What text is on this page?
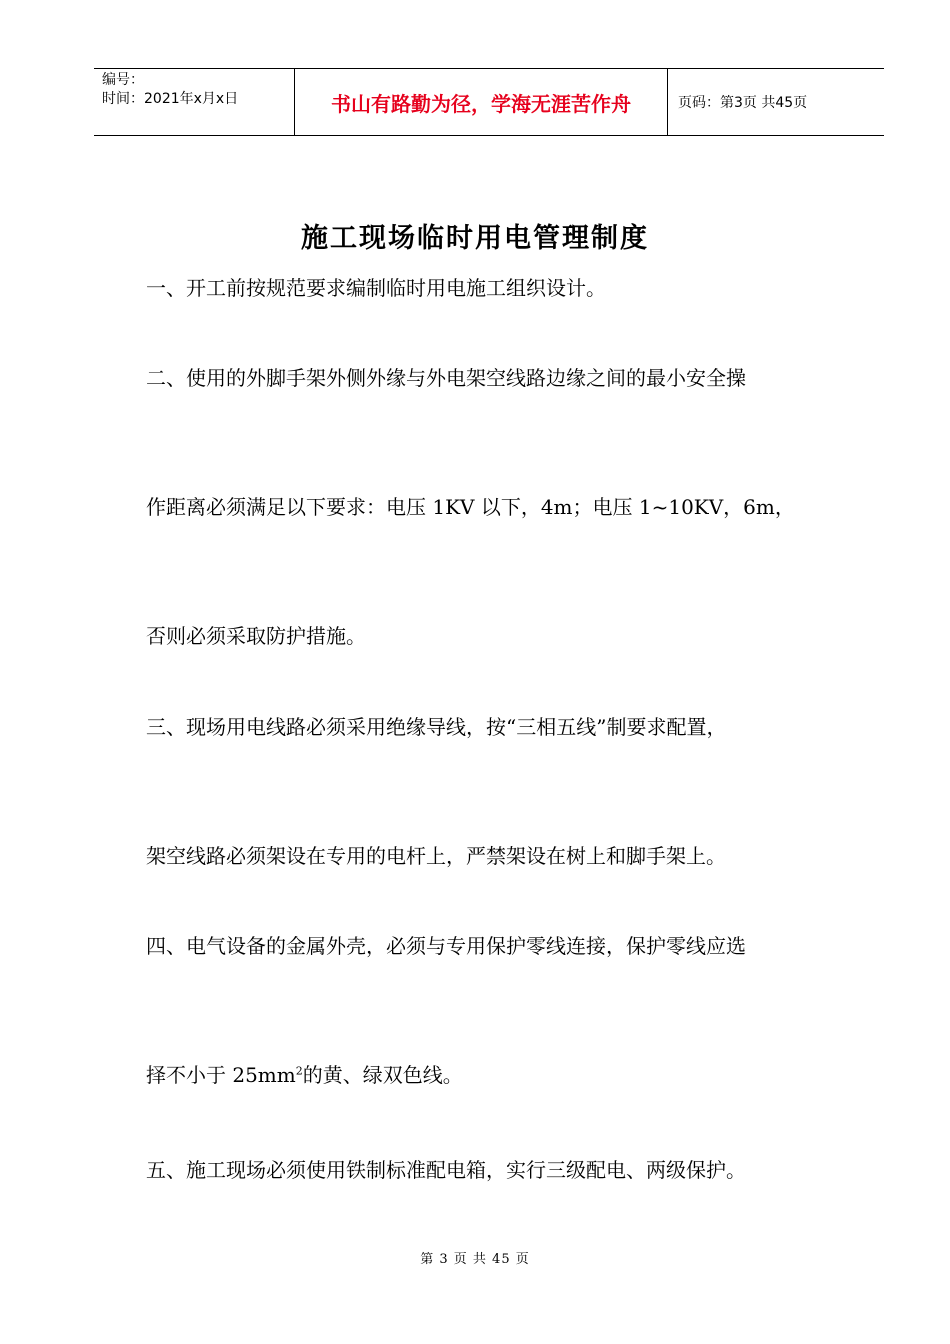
编号：
时间：2021年x月x日	书山有路勤为径，学海无涯苦作舟	页码：第3页 共45页
施工现场临时用电管理制度
一、开工前按规范要求编制临时用电施工组织设计。
二、使用的外脚手架外侧外缘与外电架空线路边缘之间的最小安全操
作距离必须满足以下要求：电压 1KV 以下，4m；电压 1~10KV，6m，
否则必须采取防护措施。
三、现场用电线路必须采用绝缘导线，按“三相五线”制要求配置，
架空线路必须架设在专用的电杆上，严禁架设在树上和脚手架上。
四、电气设备的金属外壳，必须与专用保护零线连接，保护零线应选
择不小于 $25mm^2$的黄、绿双色线。
五、施工现场必须使用铁制标准配电箱，实行三级配电、两级保护。
第 3 页 共 45 页
